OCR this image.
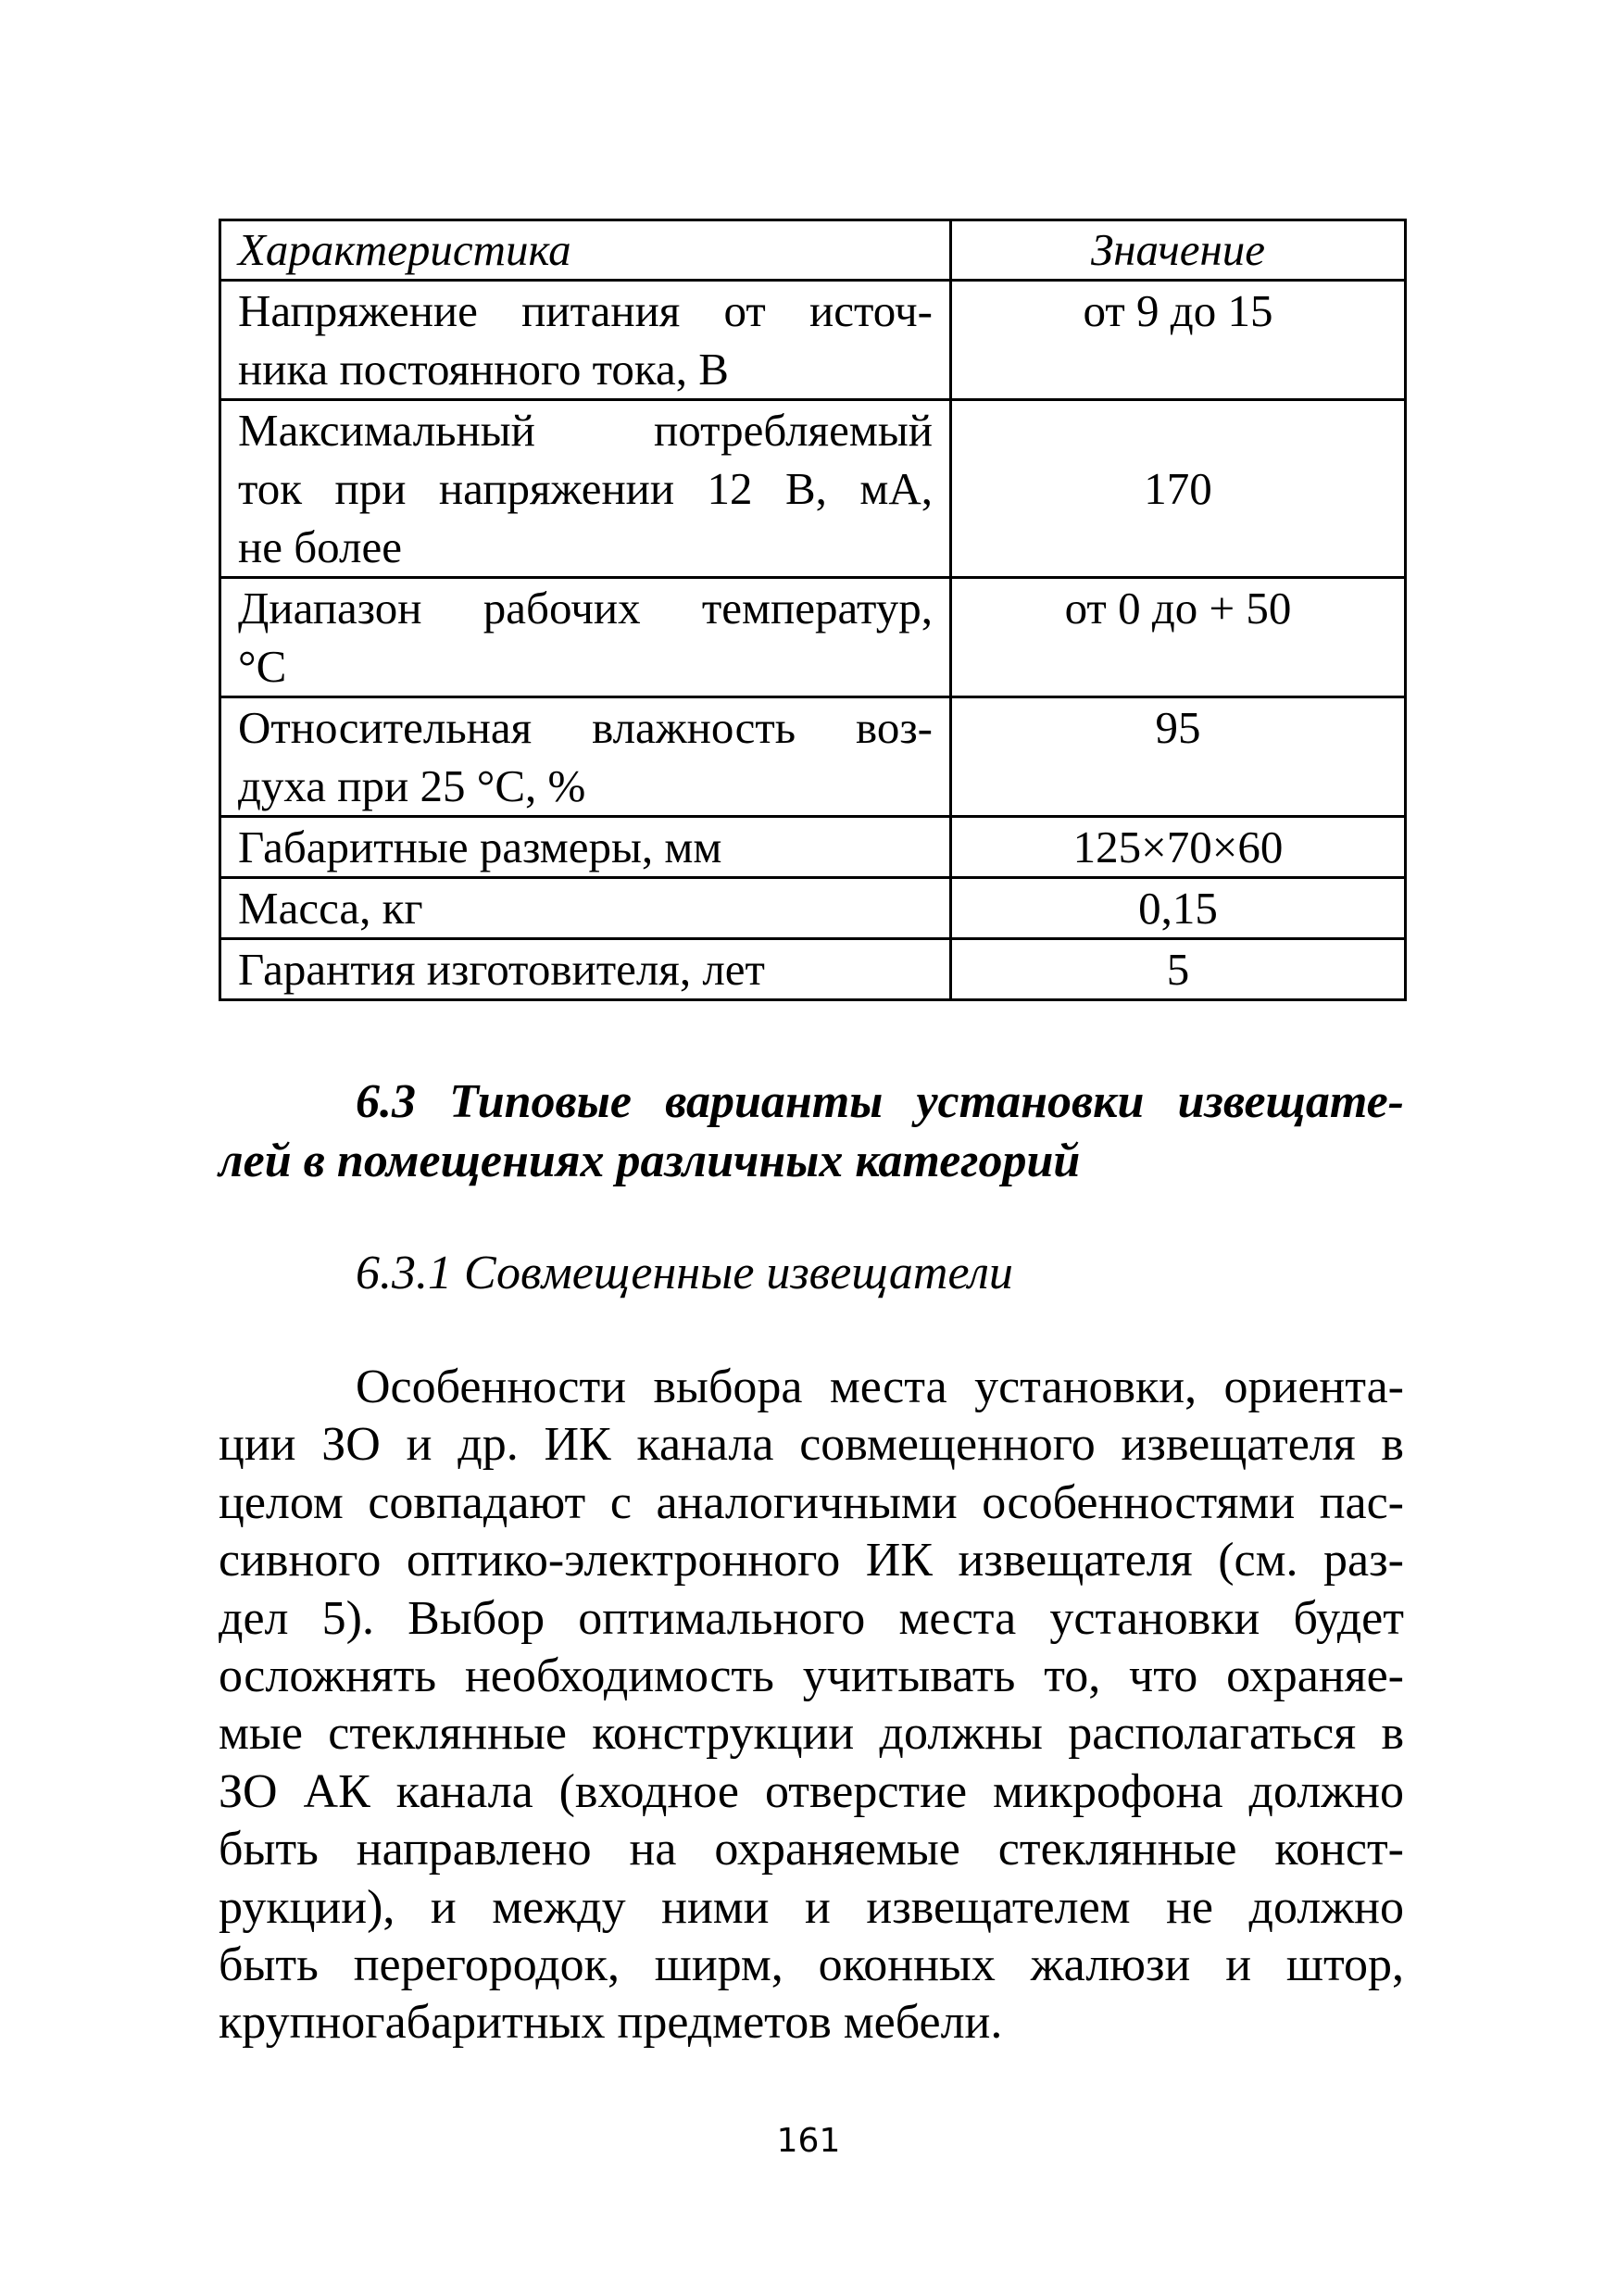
Характеристика	Значение

Напряжение питания от источ-
ника постоянного тока, В	от 9 до 15

Максимальный потребляемый
ток при напряжении 12 В, мА,
не более	170

Диапазон рабочих температур,
°С	от 0 до + 50

Относительная влажность воз-
духа при 25 °С, %	95

Габаритные размеры, мм	125×70×60

Масса, кг	0,15

Гарантия изготовителя, лет	5
6.3 Типовые варианты установки извещате-
лей в помещениях различных категорий
6.3.1 Совмещенные извещатели
Особенности выбора места установки, ориента-
ции ЗО и др. ИК канала совмещенного извещателя в
целом совпадают с аналогичными особенностями пас-
сивного оптико-электронного ИК извещателя (см. раз-
дел 5). Выбор оптимального места установки будет
осложнять необходимость учитывать то, что охраняе-
мые стеклянные конструкции должны располагаться в
ЗО АК канала (входное отверстие микрофона должно
быть направлено на охраняемые стеклянные конст-
рукции), и между ними и извещателем не должно
быть перегородок, ширм, оконных жалюзи и штор,
крупногабаритных предметов мебели.
161
